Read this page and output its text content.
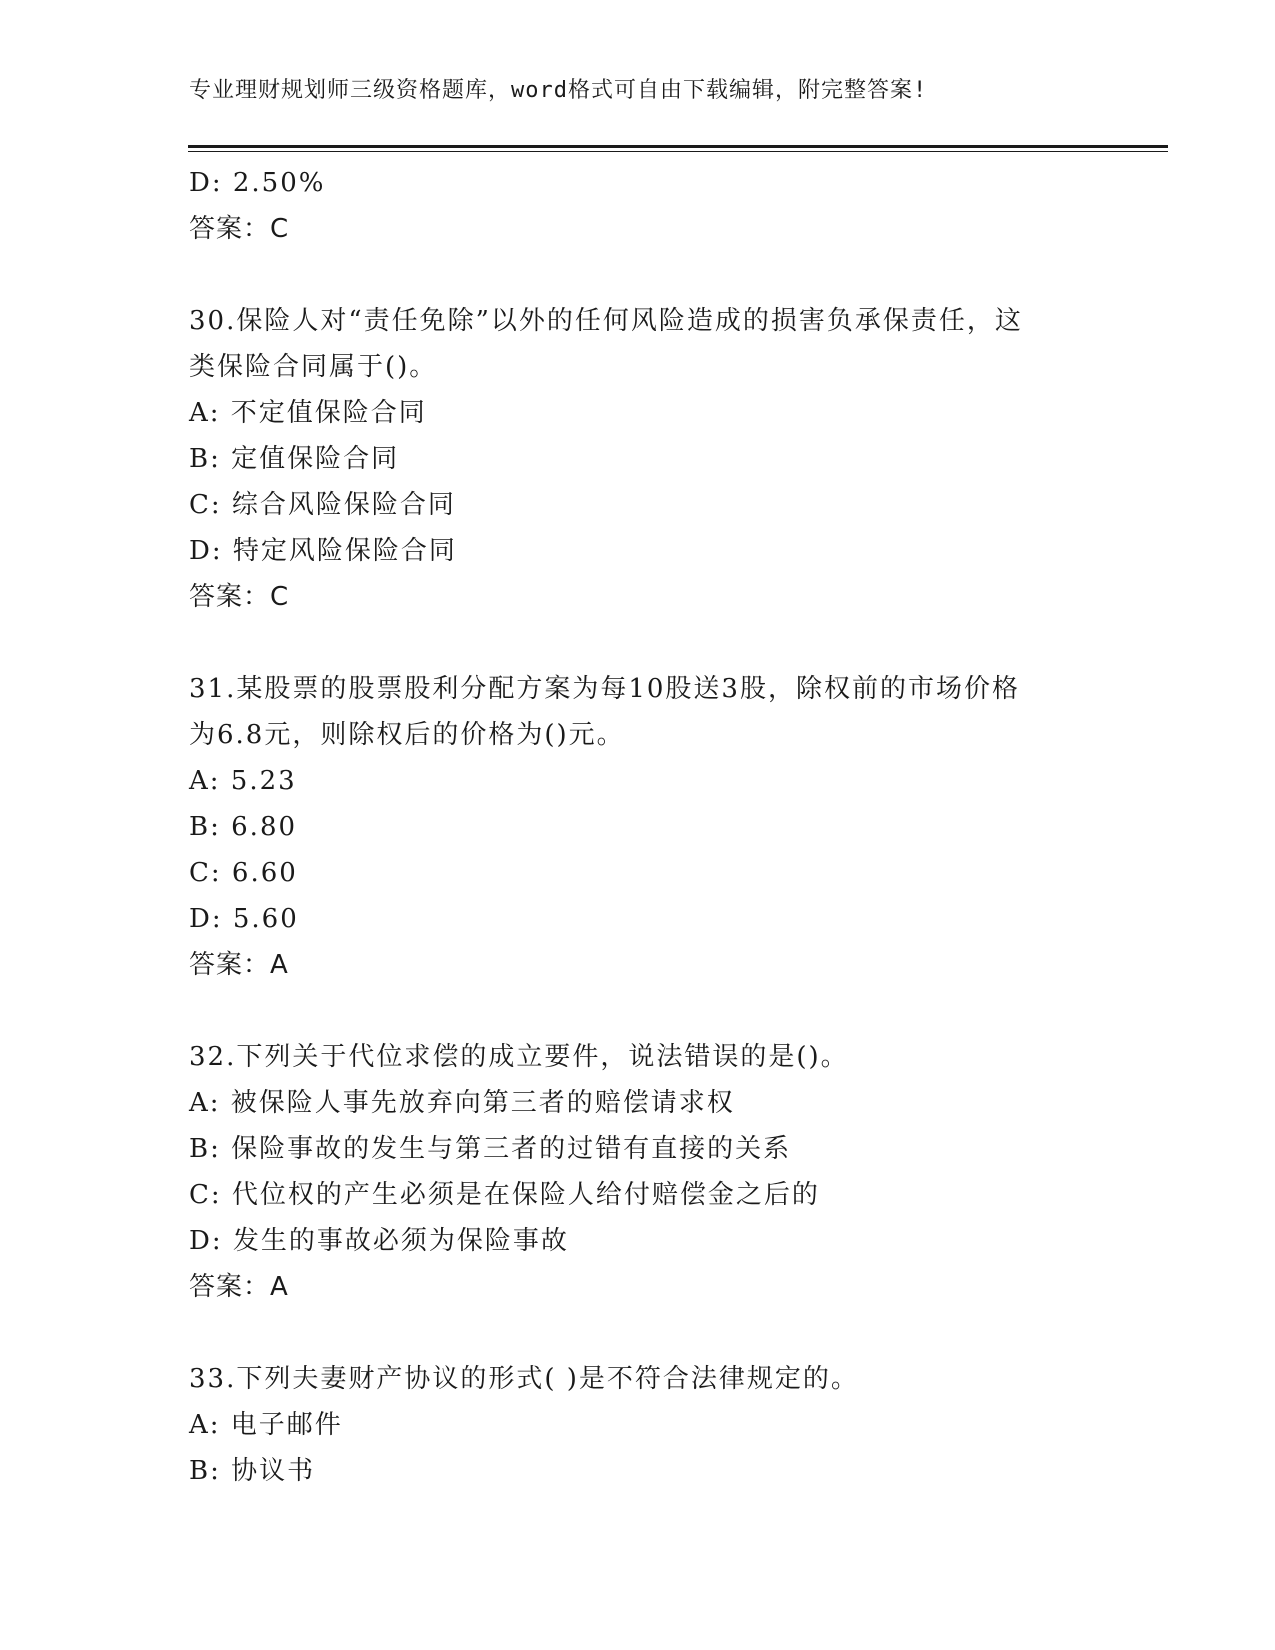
专业理财规划师三级资格题库，word格式可自由下载编辑，附完整答案!
D: 2.50%
答案：C
30.保险人对“责任免除”以外的任何风险造成的损害负承保责任，这
类保险合同属于()。
A: 不定值保险合同
B: 定值保险合同
C: 综合风险保险合同
D: 特定风险保险合同
答案：C
31.某股票的股票股利分配方案为每10股送3股，除权前的市场价格
为6.8元，则除权后的价格为()元。
A: 5.23
B: 6.80
C: 6.60
D: 5.60
答案：A
32.下列关于代位求偿的成立要件，说法错误的是()。
A: 被保险人事先放弃向第三者的赔偿请求权
B: 保险事故的发生与第三者的过错有直接的关系
C: 代位权的产生必须是在保险人给付赔偿金之后的
D: 发生的事故必须为保险事故
答案：A
33.下列夫妻财产协议的形式( )是不符合法律规定的。
A: 电子邮件
B: 协议书
